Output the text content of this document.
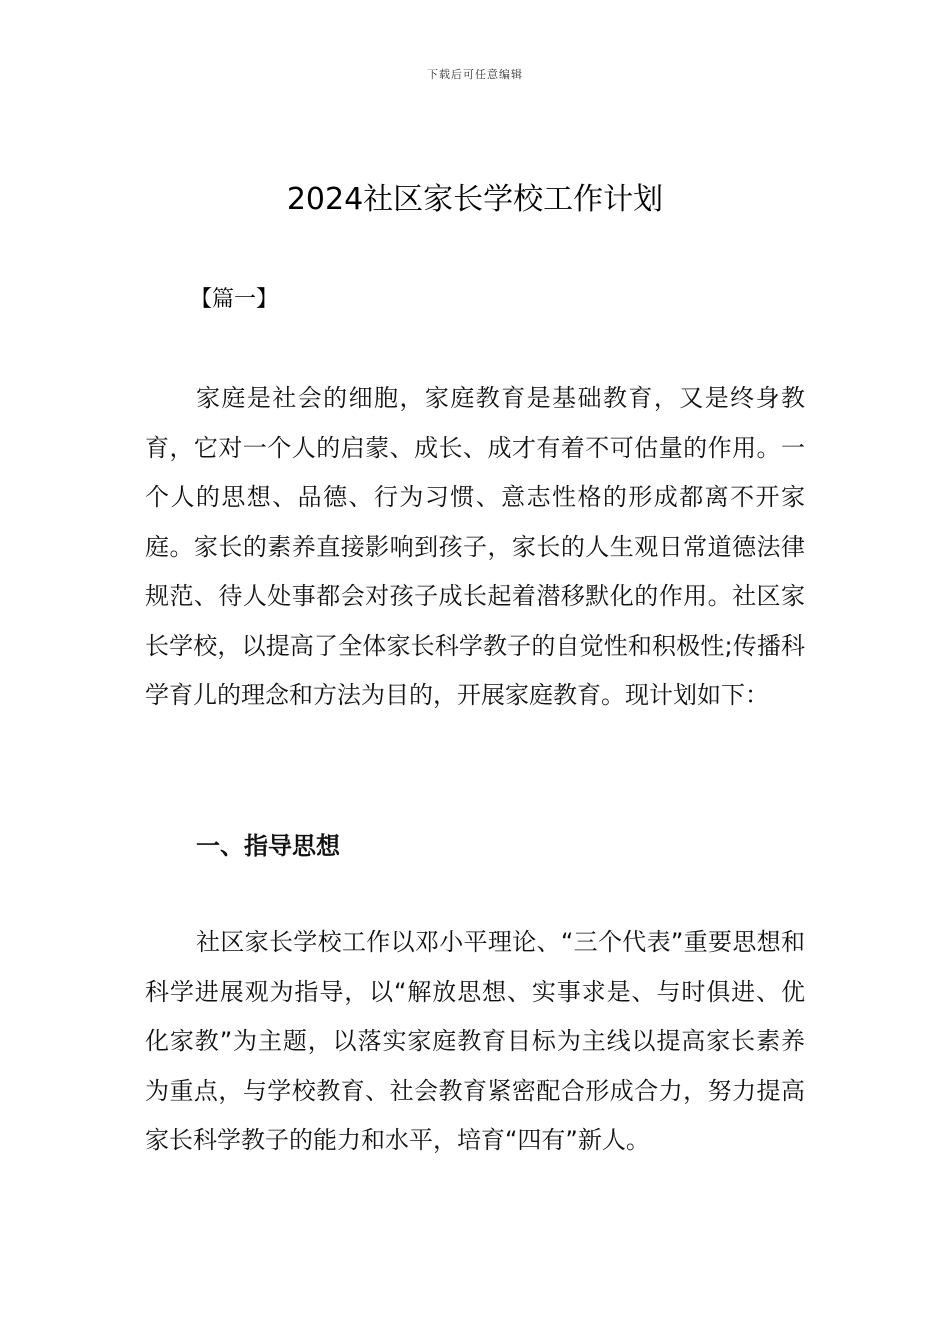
下载后可任意编辑
2024社区家长学校工作计划
【篇一】

家庭是社会的细胞，家庭教育是基础教育，又是终身教育，它对一个人的启蒙、成长、成才有着不可估量的作用。一个人的思想、品德、行为习惯、意志性格的形成都离不开家庭。家长的素养直接影响到孩子，家长的人生观日常道德法律规范、待人处事都会对孩子成长起着潜移默化的作用。社区家长学校，以提高了全体家长科学教子的自觉性和积极性;传播科学育儿的理念和方法为目的，开展家庭教育。现计划如下：

一、指导思想

社区家长学校工作以邓小平理论、“三个代表”重要思想和科学进展观为指导，以“解放思想、实事求是、与时俱进、优化家教”为主题，以落实家庭教育目标为主线以提高家长素养为重点，与学校教育、社会教育紧密配合形成合力，努力提高家长科学教子的能力和水平，培育“四有”新人。
